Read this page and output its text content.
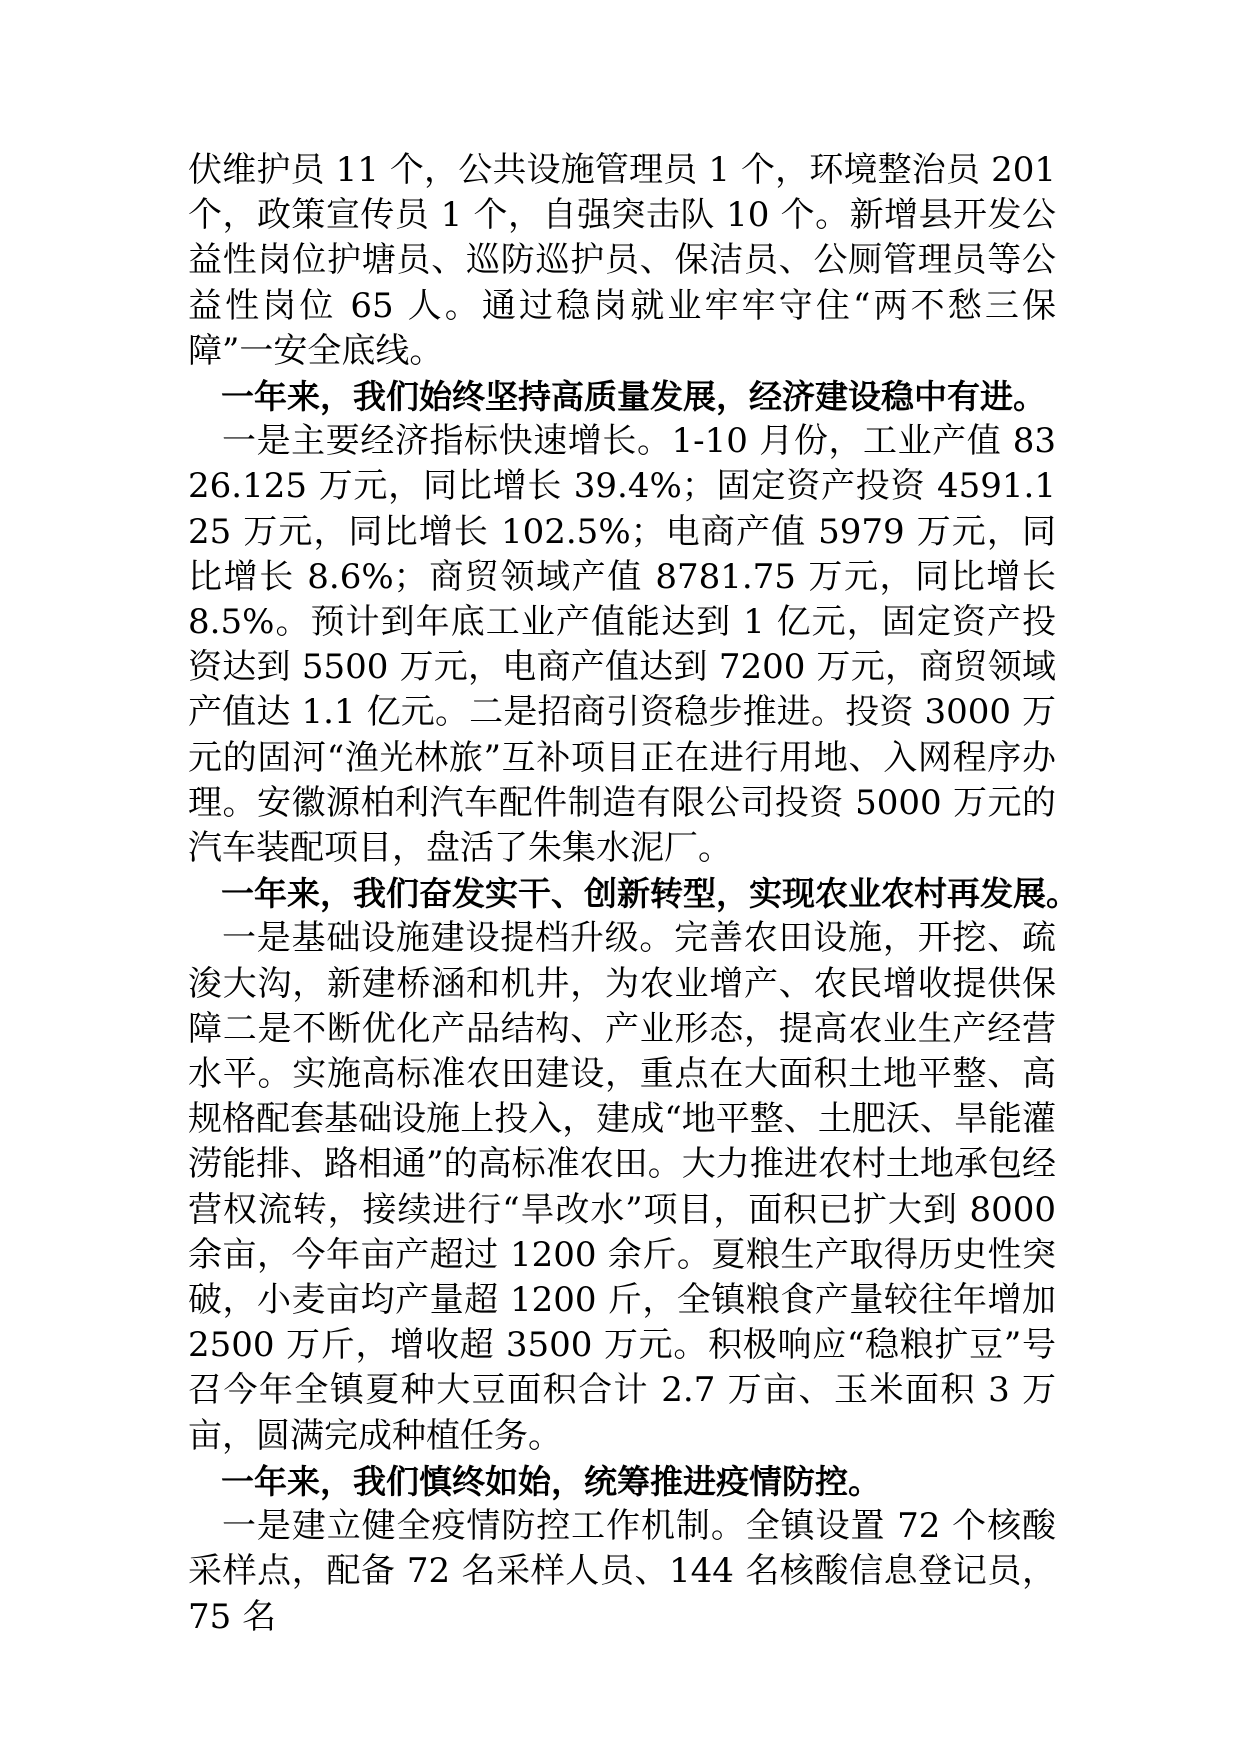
伏维护员 11 个，公共设施管理员 1 个，环境整治员 201 个，政策宣传员 1 个，自强突击队 10 个。新增县开发公益性岗位护塘员、巡防巡护员、保洁员、公厕管理员等公益性岗位 65 人。通过稳岗就业牢牢守住“两不愁三保障”一安全底线。

一年来，我们始终坚持高质量发展，经济建设稳中有进。

一是主要经济指标快速增长。1-10 月份，工业产值 8326.125 万元，同比增长 39.4%；固定资产投资 4591.125 万元，同比增长 102.5%；电商产值 5979 万元，同比增长 8.6%；商贸领域产值 8781.75 万元，同比增长 8.5%。预计到年底工业产值能达到 1 亿元，固定资产投资达到 5500 万元，电商产值达到 7200 万元，商贸领域产值达 1.1 亿元。二是招商引资稳步推进。投资 3000 万元的固河“渔光林旅”互补项目正在进行用地、入网程序办理。安徽源柏利汽车配件制造有限公司投资 5000 万元的汽车装配项目，盘活了朱集水泥厂。

一年来，我们奋发实干、创新转型，实现农业农村再发展。

一是基础设施建设提档升级。完善农田设施，开挖、疏浚大沟，新建桥涵和机井，为农业增产、农民增收提供保障二是不断优化产品结构、产业形态，提高农业生产经营水平。实施高标准农田建设，重点在大面积土地平整、高规格配套基础设施上投入，建成“地平整、土肥沃、旱能灌涝能排、路相通”的高标准农田。大力推进农村土地承包经营权流转，接续进行“旱改水”项目，面积已扩大到 8000 余亩，今年亩产超过 1200 余斤。夏粮生产取得历史性突破，小麦亩均产量超 1200 斤，全镇粮食产量较往年增加 2500 万斤，增收超 3500 万元。积极响应“稳粮扩豆”号召今年全镇夏种大豆面积合计 2.7 万亩、玉米面积 3 万亩，圆满完成种植任务。

一年来，我们慎终如始，统筹推进疫情防控。

一是建立健全疫情防控工作机制。全镇设置 72 个核酸采样点，配备 72 名采样人员、144 名核酸信息登记员，75 名
